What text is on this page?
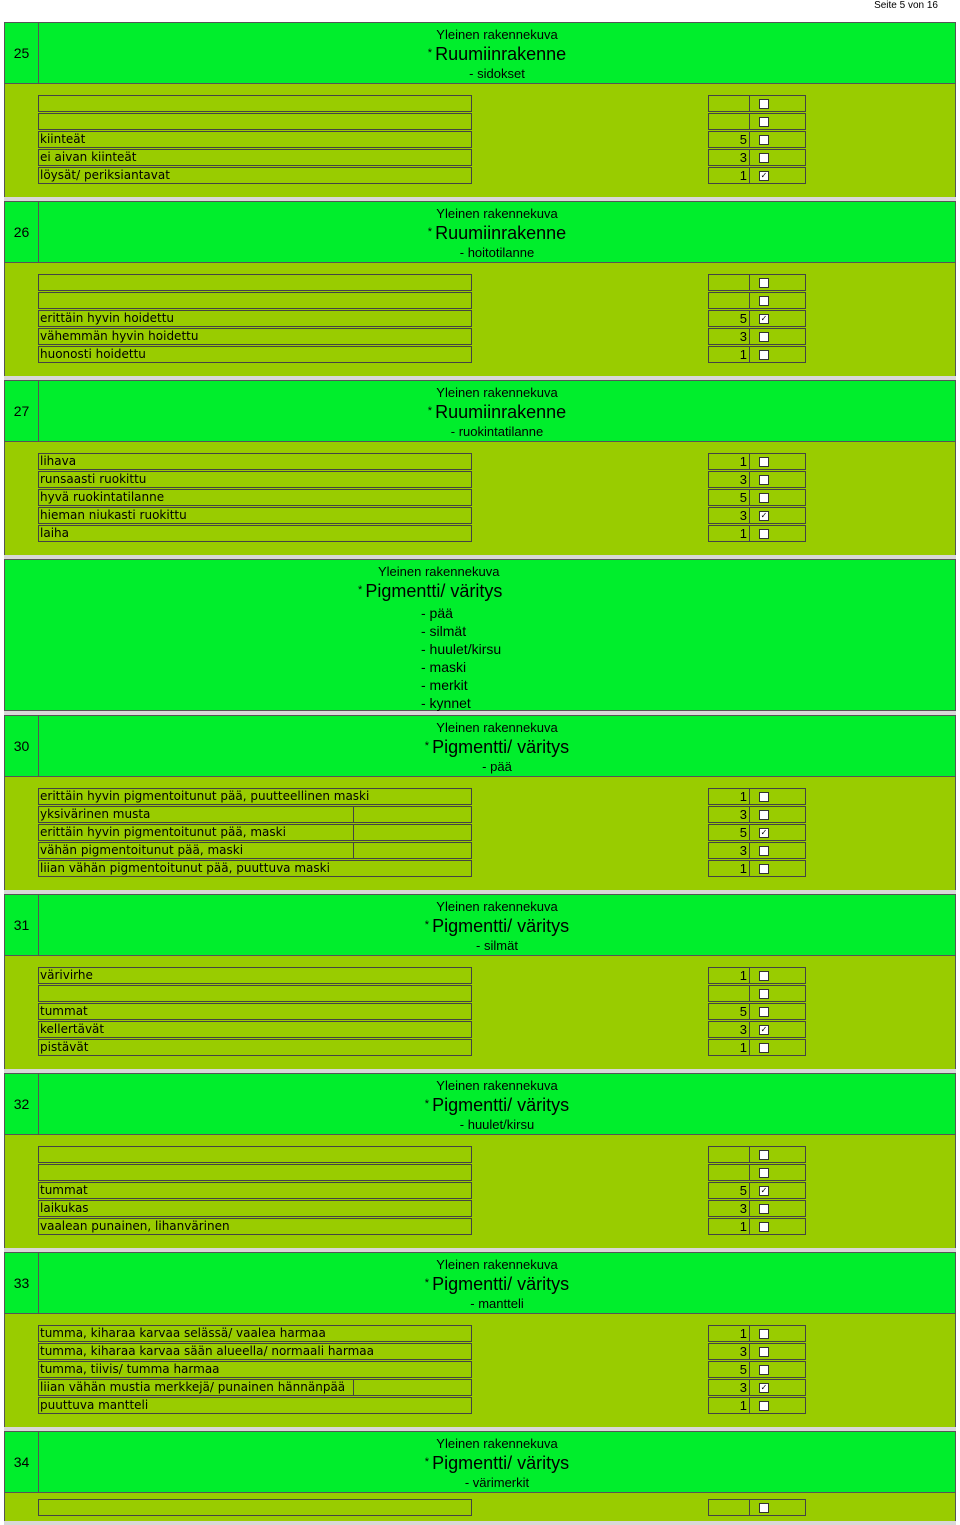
Seite 5 von 16
25
Yleinen rakennekuva
* Ruumiinrakenne
- sidokset
kiinteät	5
ei aivan kiinteät	3
löysät/ periksiantavat	1 ✓
26
Yleinen rakennekuva
* Ruumiinrakenne
- hoitotilanne
erittäin hyvin hoidettu	5 ✓
vähemmän hyvin hoidettu	3
huonosti hoidettu	1
27
Yleinen rakennekuva
* Ruumiinrakenne
- ruokintatilanne
lihava	1
runsaasti ruokittu	3
hyvä ruokintatilanne	5
hieman niukasti ruokittu	3 ✓
laiha	1
Yleinen rakennekuva
* Pigmentti/ väritys
- pää
- silmät
- huulet/kirsu
- maski
- merkit
- kynnet
30
Yleinen rakennekuva
* Pigmentti/ väritys
- pää
erittäin hyvin pigmentoitunut pää, puutteellinen maski	1
yksivärinen musta	3
erittäin hyvin pigmentoitunut pää, maski	5 ✓
vähän pigmentoitunut pää, maski	3
liian vähän pigmentoitunut pää, puuttuva maski	1
31
Yleinen rakennekuva
* Pigmentti/ väritys
- silmät
värivirhe	1
tummat	5
kellertävät	3 ✓
pistävät	1
32
Yleinen rakennekuva
* Pigmentti/ väritys
- huulet/kirsu
tummat	5 ✓
laikukas	3
vaalean punainen, lihanvärinen	1
33
Yleinen rakennekuva
* Pigmentti/ väritys
- mantteli
tumma, kiharaa karvaa selässä/ vaalea harmaa	1
tumma, kiharaa karvaa sään alueella/ normaali harmaa	3
tumma, tiivis/ tumma harmaa	5
liian vähän mustia merkkejä/ punainen hännänpää	3 ✓
puuttuva mantteli	1
34
Yleinen rakennekuva
* Pigmentti/ väritys
- värimerkit
